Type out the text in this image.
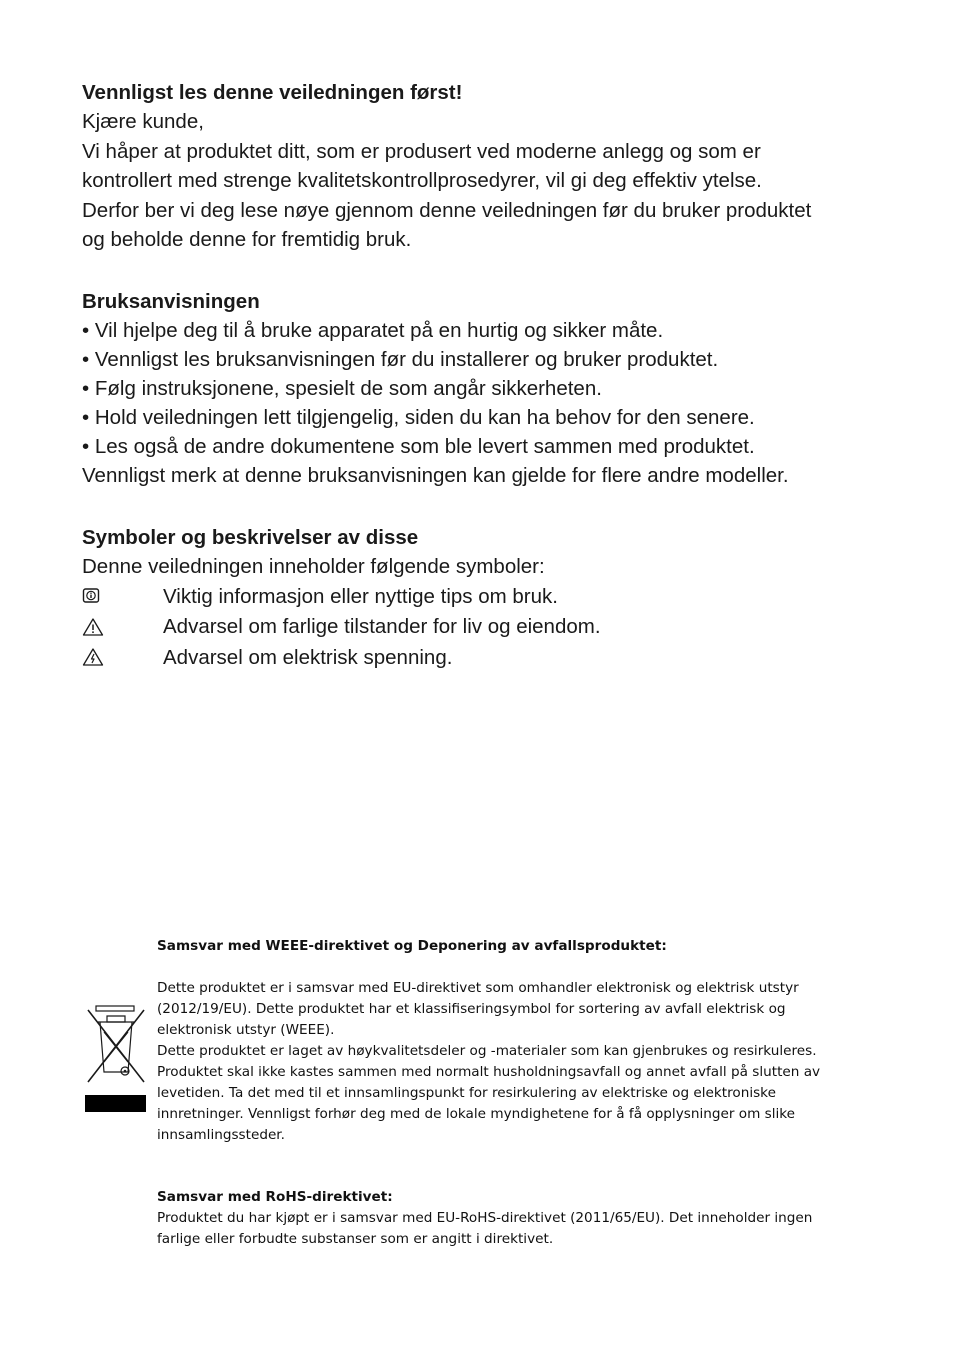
Vennligst les denne veiledningen først!

Kjære kunde,

Vi håper at produktet ditt, som er produsert ved moderne anlegg og som er

kontrollert med strenge kvalitetskontrollprosedyrer, vil gi deg effektiv ytelse.

Derfor ber vi deg lese nøye gjennom denne veiledningen før du bruker produktet

og beholde denne for fremtidig bruk.

Bruksanvisningen

• Vil hjelpe deg til å bruke apparatet på en hurtig og sikker måte.

• Vennligst les bruksanvisningen før du installerer og bruker produktet.

• Følg instruksjonene, spesielt de som angår sikkerheten.

• Hold veiledningen lett tilgjengelig, siden du kan ha behov for den senere.

• Les også de andre dokumentene som ble levert sammen med produktet.

Vennligst merk at denne bruksanvisningen kan gjelde for flere andre modeller.

Symboler og beskrivelser av disse

Denne veiledningen inneholder følgende symboler:

Viktig informasjon eller nyttige tips om bruk.
Advarsel om farlige tilstander for liv og eiendom.
Advarsel om elektrisk spenning.

Samsvar med WEEE-direktivet og Deponering av avfallsproduktet:

Dette produktet er i samsvar med EU-direktivet som omhandler elektronisk og elektrisk utstyr

(2012/19/EU). Dette produktet har et klassifiseringsymbol for sortering av avfall elektrisk og

elektronisk utstyr (WEEE).

Dette produktet er laget av høykvalitetsdeler og -materialer som kan gjenbrukes og resirkuleres.

Produktet skal ikke kastes sammen med normalt husholdningsavfall og annet avfall på slutten av

levetiden. Ta det med til et innsamlingspunkt for resirkulering av elektriske og elektroniske

innretninger. Vennligst forhør deg med de lokale myndighetene for å få opplysninger om slike

innsamlingssteder.

Samsvar med RoHS-direktivet:

Produktet du har kjøpt er i samsvar med EU-RoHS-direktivet (2011/65/EU). Det inneholder ingen

farlige eller forbudte substanser som er angitt i direktivet.
